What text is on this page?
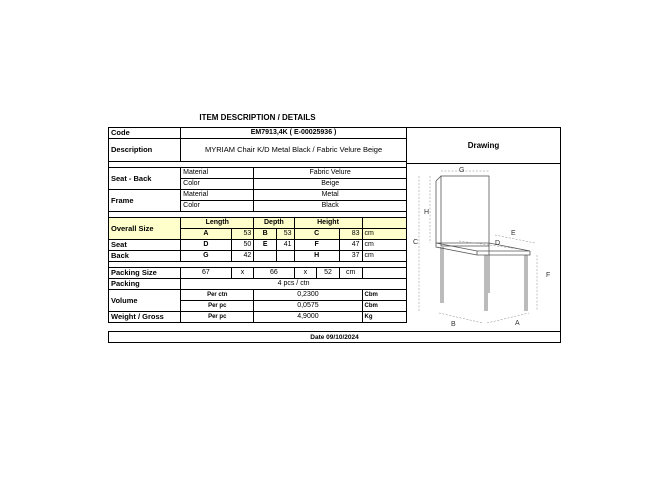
ITEM DESCRIPTION / DETAILS
Code	EM7913,4K ( E-00025936 )							
Description	MYRIAM Chair K/D Metal Black / Fabric Velure Beige							

Seat - Back	Material		Fabric Velure					
	Color		Beige					
Frame	Material		Metal					
	Color		Black					

Overall Size	Length		Depth		Height			
	A	53	B	53	C		83	cm
Seat	D	50	E	41	F		47	cm
Back	G	42			H		37	cm

Packing Size	67	x	66		x	52	cm	
Packing	4 pcs / ctn							
Volume	Per ctn		0,2300					Cbm
	Per pc		0,0575					Cbm
Weight / Gross	Per pc		4,9000					Kg
Drawing
G
H
C
E
D
F
B	A
Date 09/10/2024
